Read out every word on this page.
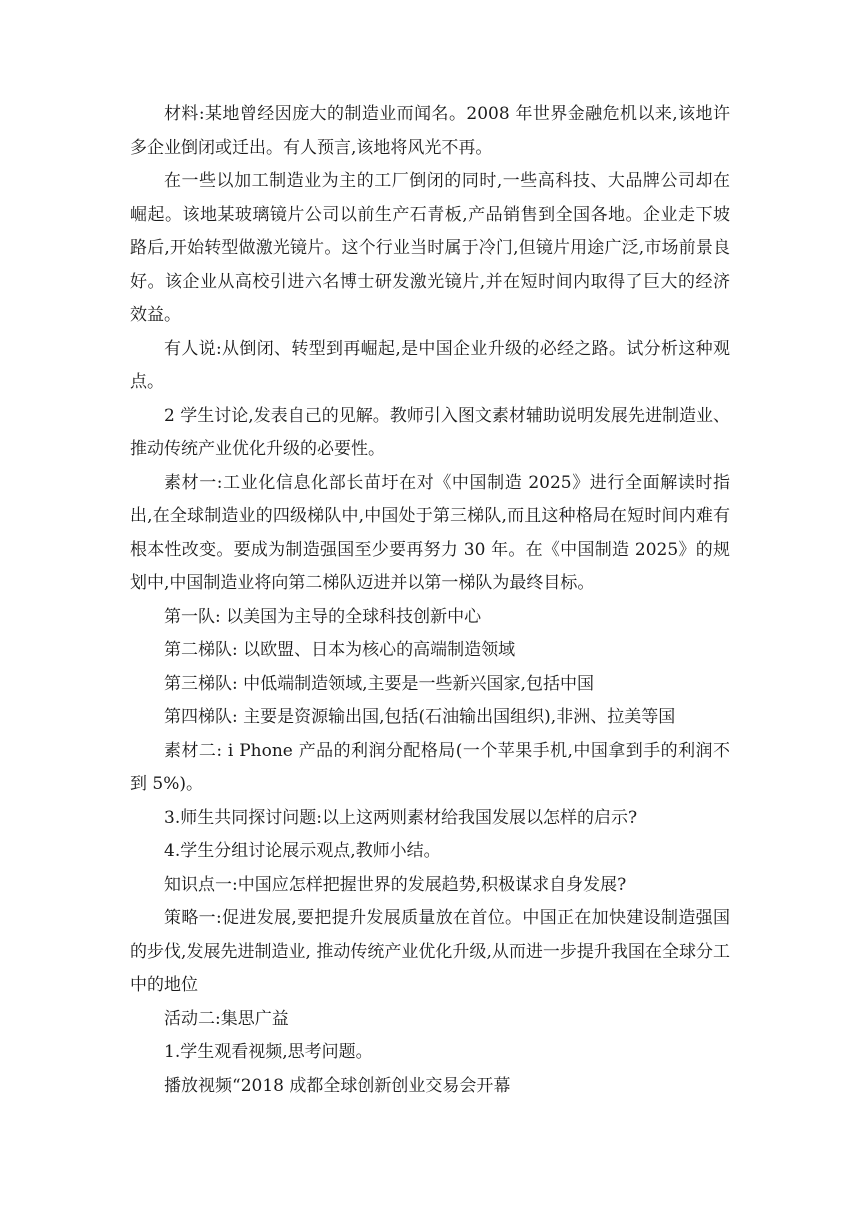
材料:某地曾经因庞大的制造业而闻名。2008 年世界金融危机以来,该地许多企业倒闭或迁出。有人预言,该地将风光不再。

在一些以加工制造业为主的工厂倒闭的同时,一些高科技、大品牌公司却在崛起。该地某玻璃镜片公司以前生产石青板,产品销售到全国各地。企业走下坡路后,开始转型做激光镜片。这个行业当时属于冷门,但镜片用途广泛,市场前景良好。该企业从高校引进六名博士研发激光镜片,并在短时间内取得了巨大的经济效益。

有人说:从倒闭、转型到再崛起,是中国企业升级的必经之路。试分析这种观点。

2 学生讨论,发表自己的见解。教师引入图文素材辅助说明发展先进制造业、推动传统产业优化升级的必要性。

素材一:工业化信息化部长苗圩在对《中国制造 2025》进行全面解读时指出,在全球制造业的四级梯队中,中国处于第三梯队,而且这种格局在短时间内难有根本性改变。要成为制造强国至少要再努力 30 年。在《中国制造 2025》的规划中,中国制造业将向第二梯队迈进并以第一梯队为最终目标。

第一队: 以美国为主导的全球科技创新中心

第二梯队: 以欧盟、日本为核心的高端制造领域

第三梯队: 中低端制造领域,主要是一些新兴国家,包括中国

第四梯队: 主要是资源输出国,包括(石油输出国组织),非洲、拉美等国

素材二: i Phone 产品的利润分配格局(一个苹果手机,中国拿到手的利润不到 5%)。

3.师生共同探讨问题:以上这两则素材给我国发展以怎样的启示?

4.学生分组讨论展示观点,教师小结。

知识点一:中国应怎样把握世界的发展趋势,积极谋求自身发展?

策略一:促进发展,要把提升发展质量放在首位。中国正在加快建设制造强国的步伐,发展先进制造业, 推动传统产业优化升级,从而进一步提升我国在全球分工中的地位

活动二:集思广益

1.学生观看视频,思考问题。

播放视频“2018 成都全球创新创业交易会开幕
